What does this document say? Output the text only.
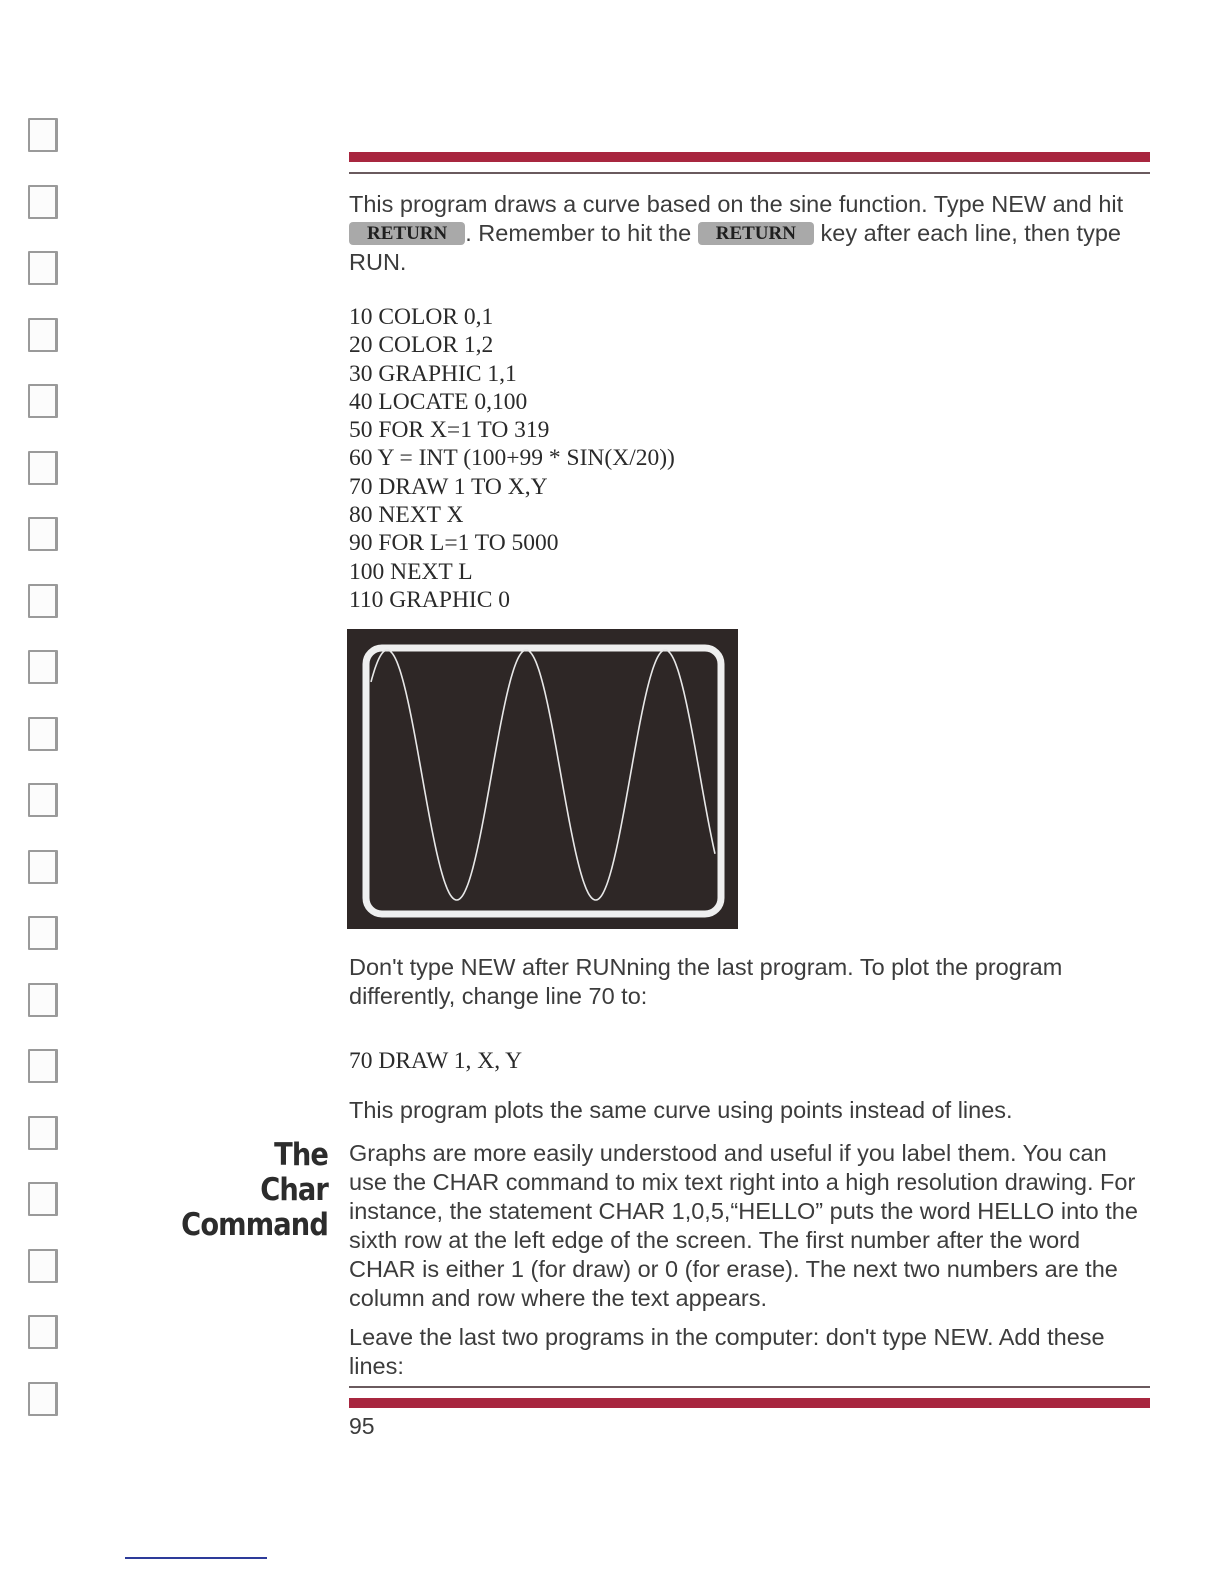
This program draws a curve based on the sine function. Type NEW and hit RETURN . Remember to hit the RETURN key after each line, then type RUN.

10 COLOR 0,1
20 COLOR 1,2
30 GRAPHIC 1,1
40 LOCATE 0,100
50 FOR X=1 TO 319
60 Y = INT (100+99 * SIN(X/20))
70 DRAW 1 TO X,Y
80 NEXT X
90 FOR L=1 TO 5000
100 NEXT L
110 GRAPHIC 0

Don't type NEW after RUNning the last program. To plot the program differently, change line 70 to:

70 DRAW 1, X, Y

This program plots the same curve using points instead of lines.

The
Char
Command

Graphs are more easily understood and useful if you label them. You can use the CHAR command to mix text right into a high resolution drawing. For instance, the statement CHAR 1,0,5,“HELLO” puts the word HELLO into the sixth row at the left edge of the screen. The first number after the word CHAR is either 1 (for draw) or 0 (for erase). The next two numbers are the column and row where the text appears.

Leave the last two programs in the computer: don't type NEW. Add these lines:

95
